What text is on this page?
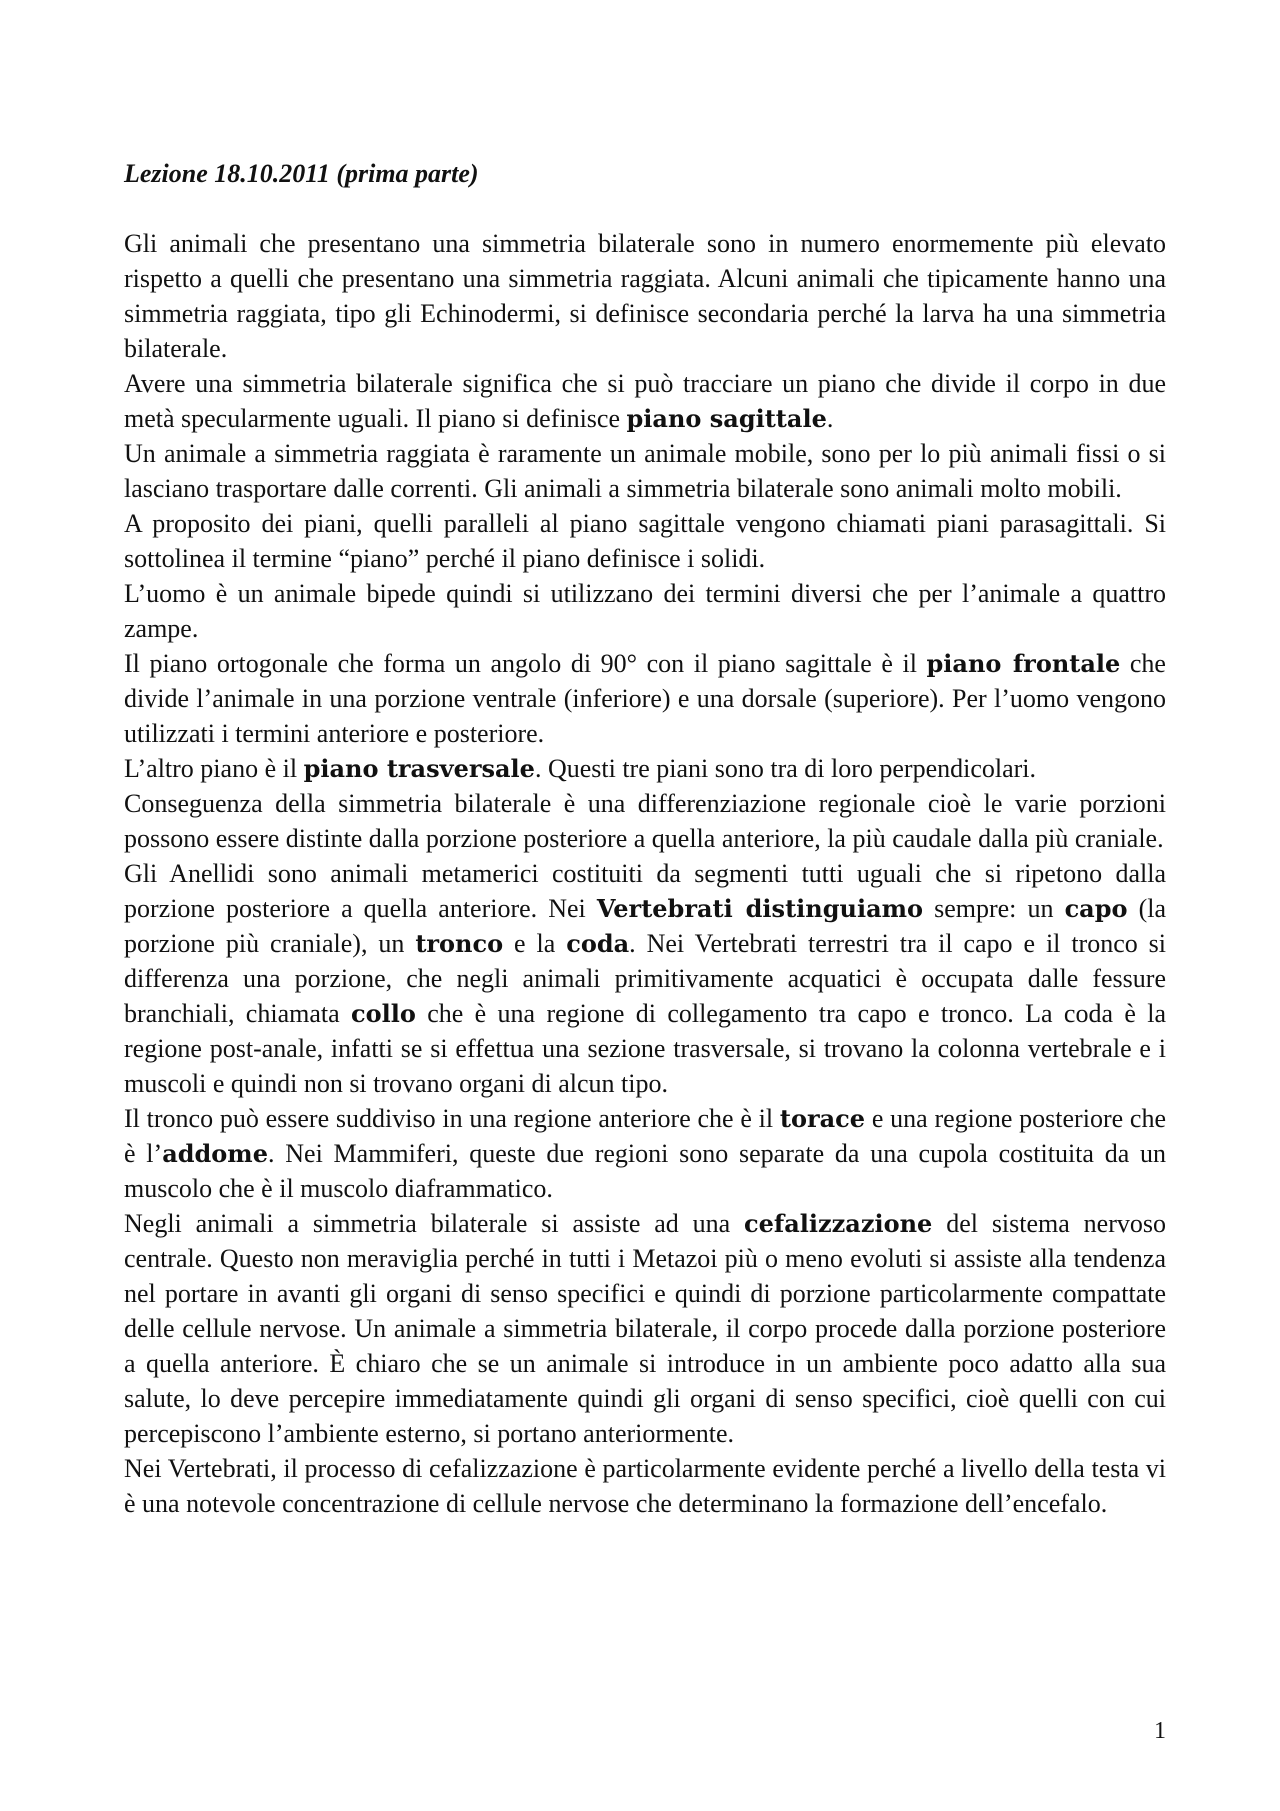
Lezione 18.10.2011 (prima parte)

Gli animali che presentano una simmetria bilaterale sono in numero enormemente più elevato rispetto a quelli che presentano una simmetria raggiata. Alcuni animali che tipicamente hanno una simmetria raggiata, tipo gli Echinodermi, si definisce secondaria perché la larva ha una simmetria bilaterale.

Avere una simmetria bilaterale significa che si può tracciare un piano che divide il corpo in due metà specularmente uguali. Il piano si definisce piano sagittale.

Un animale a simmetria raggiata è raramente un animale mobile, sono per lo più animali fissi o si lasciano trasportare dalle correnti. Gli animali a simmetria bilaterale sono animali molto mobili.

A proposito dei piani, quelli paralleli al piano sagittale vengono chiamati piani parasagittali. Si sottolinea il termine “piano” perché il piano definisce i solidi.

L’uomo è un animale bipede quindi si utilizzano dei termini diversi che per l’animale a quattro zampe.

Il piano ortogonale che forma un angolo di 90° con il piano sagittale è il piano frontale che divide l’animale in una porzione ventrale (inferiore) e una dorsale (superiore). Per l’uomo vengono utilizzati i termini anteriore e posteriore.

L’altro piano è il piano trasversale. Questi tre piani sono tra di loro perpendicolari.

Conseguenza della simmetria bilaterale è una differenziazione regionale cioè le varie porzioni possono essere distinte dalla porzione posteriore a quella anteriore, la più caudale dalla più craniale.

Gli Anellidi sono animali metamerici costituiti da segmenti tutti uguali che si ripetono dalla porzione posteriore a quella anteriore. Nei Vertebrati distinguiamo sempre: un capo (la porzione più craniale), un tronco e la coda. Nei Vertebrati terrestri tra il capo e il tronco si differenza una porzione, che negli animali primitivamente acquatici è occupata dalle fessure branchiali, chiamata collo che è una regione di collegamento tra capo e tronco. La coda è la regione post-anale, infatti se si effettua una sezione trasversale, si trovano la colonna vertebrale e i muscoli e quindi non si trovano organi di alcun tipo.

Il tronco può essere suddiviso in una regione anteriore che è il torace e una regione posteriore che è l’addome. Nei Mammiferi, queste due regioni sono separate da una cupola costituita da un muscolo che è il muscolo diaframmatico.

Negli animali a simmetria bilaterale si assiste ad una cefalizzazione del sistema nervoso centrale. Questo non meraviglia perché in tutti i Metazoi più o meno evoluti si assiste alla tendenza nel portare in avanti gli organi di senso specifici e quindi di porzione particolarmente compattate delle cellule nervose. Un animale a simmetria bilaterale, il corpo procede dalla porzione posteriore a quella anteriore. È chiaro che se un animale si introduce in un ambiente poco adatto alla sua salute, lo deve percepire immediatamente quindi gli organi di senso specifici, cioè quelli con cui percepiscono l’ambiente esterno, si portano anteriormente.

Nei Vertebrati, il processo di cefalizzazione è particolarmente evidente perché a livello della testa vi è una notevole concentrazione di cellule nervose che determinano la formazione dell’encefalo.

1
